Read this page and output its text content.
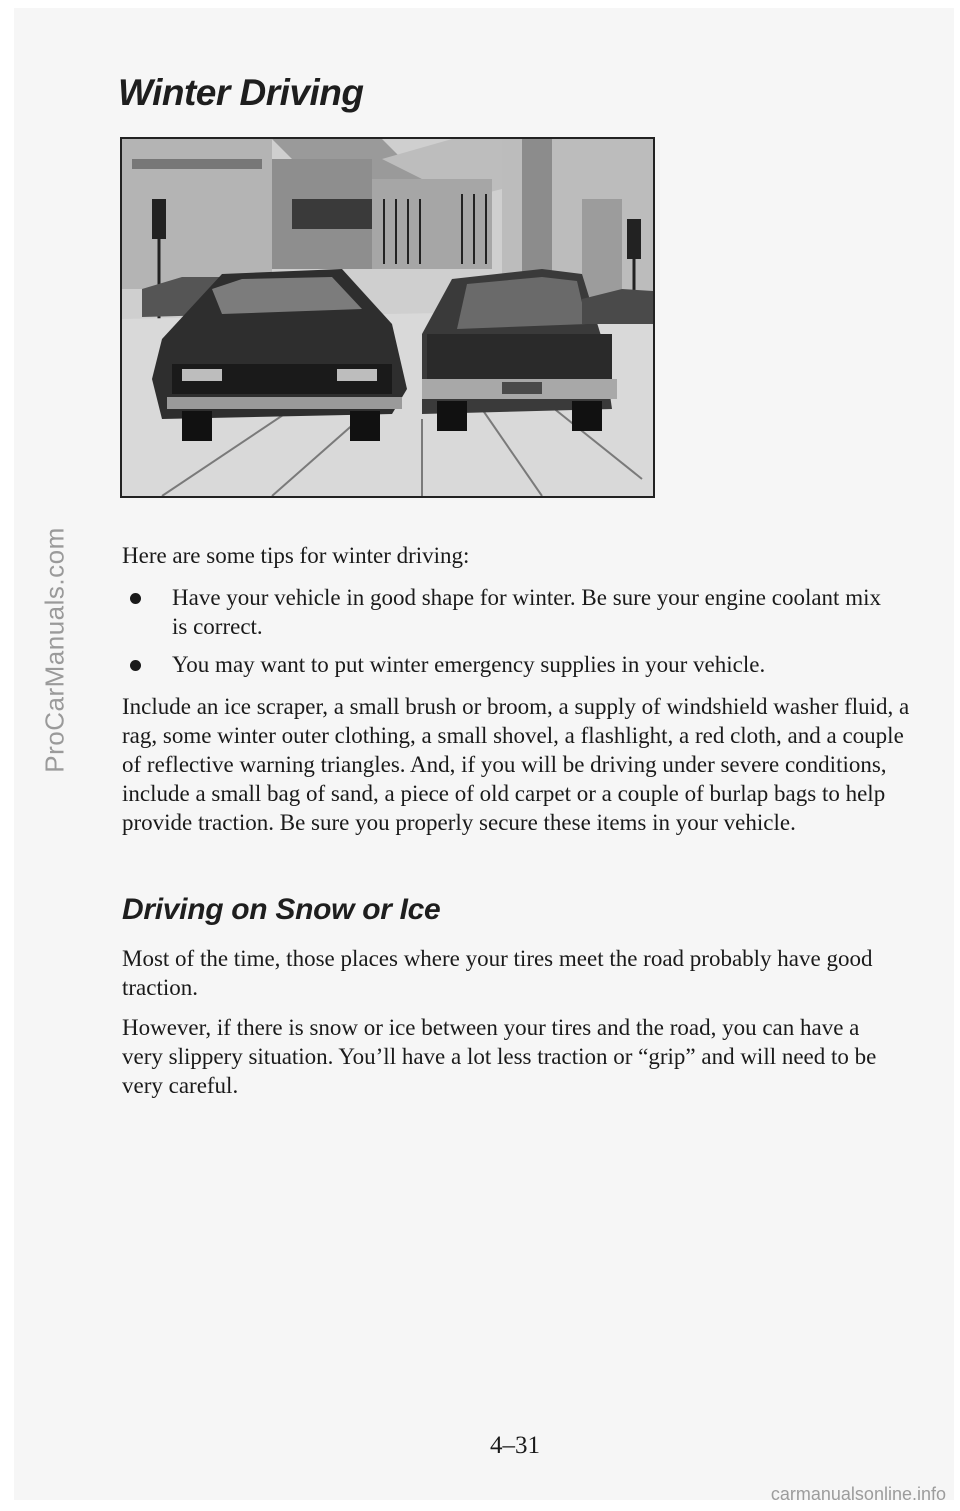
ProCarManuals.com
Winter Driving

Here are some tips for winter driving:

Have your vehicle in good shape for winter. Be sure your engine coolant mix is correct.
You may want to put winter emergency supplies in your vehicle.

Include an ice scraper, a small brush or broom, a supply of windshield washer fluid, a rag, some winter outer clothing, a small shovel, a flashlight, a red cloth, and a couple of reflective warning triangles. And, if you will be driving under severe conditions, include a small bag of sand, a piece of old carpet or a couple of burlap bags to help provide traction. Be sure you properly secure these items in your vehicle.

Driving on Snow or Ice

Most of the time, those places where your tires meet the road probably have good traction.

However, if there is snow or ice between your tires and the road, you can have a very slippery situation. You’ll have a lot less traction or “grip” and will need to be very careful.

4–31
carmanualsonline.info
